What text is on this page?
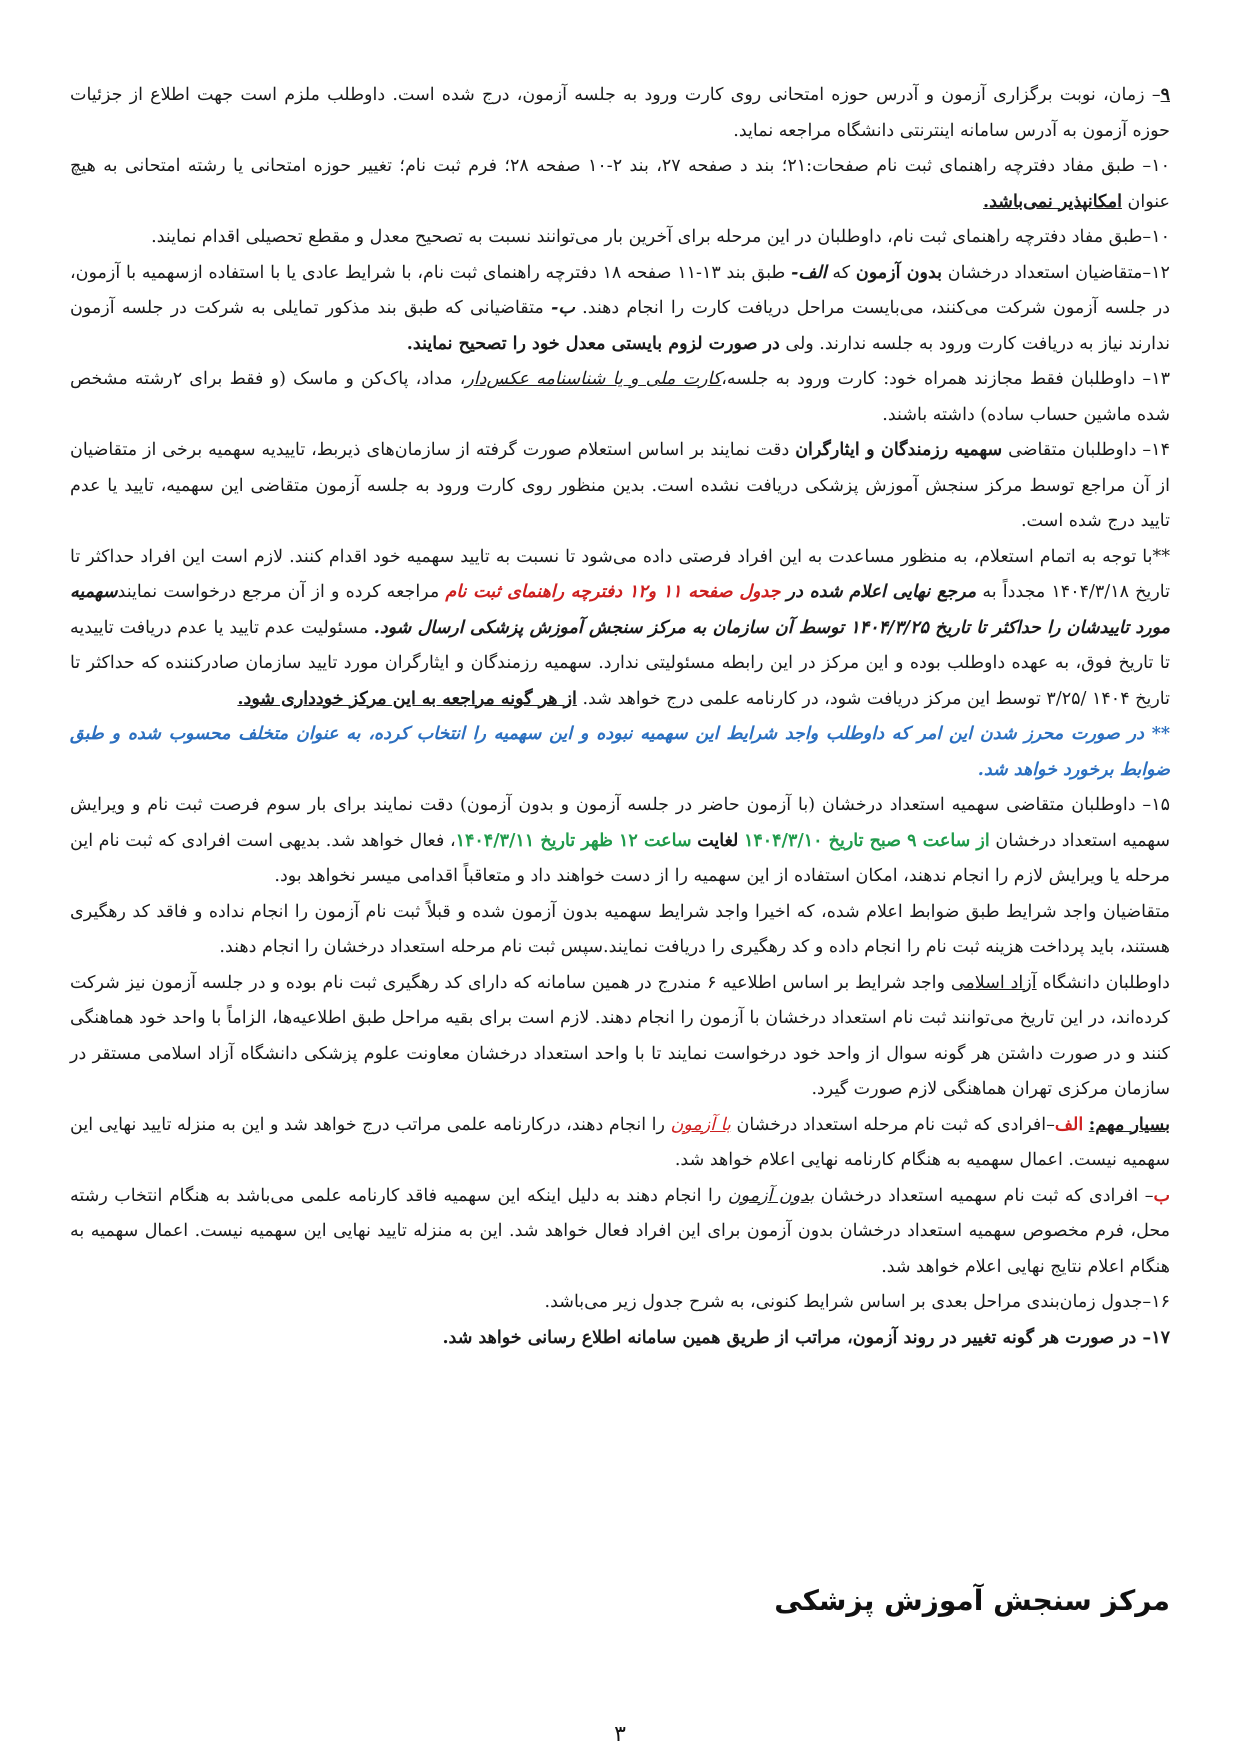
۹– زمان، نوبت برگزاری آزمون و آدرس حوزه امتحانی روی کارت ورود به جلسه آزمون، درج شده است. داوطلب ملزم است جهت اطلاع از جزئیات حوزه آزمون به آدرس سامانه اینترنتی دانشگاه مراجعه نماید.

۱۰– طبق مفاد دفترچه راهنمای ثبت نام صفحات:۲۱؛ بند د صفحه ۲۷، بند ۲-۱۰ صفحه ۲۸؛ فرم ثبت نام؛ تغییر حوزه امتحانی یا رشته امتحانی به هیچ عنوان امکانپذیر نمی‌باشد.

۱۰–طبق مفاد دفترچه راهنمای ثبت نام، داوطلبان در این مرحله برای آخرین بار می‌توانند نسبت به تصحیح معدل و مقطع تحصیلی اقدام نمایند.

۱۲–متقاضیان استعداد درخشان بدون آزمون که الف- طبق بند ۱۳-۱۱ صفحه ۱۸ دفترچه راهنمای ثبت نام، با شرایط عادی یا با استفاده ازسهمیه با آزمون، در جلسه آزمون شرکت می‌کنند، می‌بایست مراحل دریافت کارت را انجام دهند. ب- متقاضیانی که طبق بند مذکور تمایلی به شرکت در جلسه آزمون ندارند نیاز به دریافت کارت ورود به جلسه ندارند. ولی در صورت لزوم بایستی معدل خود را تصحیح نمایند.

۱۳– داوطلبان فقط مجازند همراه خود: کارت ورود به جلسه،کارت ملی و یا شناسنامه عکس‌دار، مداد، پاک‌کن و ماسک (و فقط برای ۲رشته مشخص شده ماشین حساب ساده) داشته باشند.

۱۴– داوطلبان متقاضی سهمیه رزمندگان و ایثارگران دقت نمایند بر اساس استعلام صورت گرفته از سازمان‌های ذیربط، تاییدیه سهمیه برخی از متقاضیان از آن مراجع توسط مرکز سنجش آموزش پزشکی دریافت نشده است. بدین منظور روی کارت ورود به جلسه آزمون متقاضی این سهمیه، تایید یا عدم تایید درج شده است.

**با توجه به اتمام استعلام، به منظور مساعدت به این افراد فرصتی داده می‌شود تا نسبت به تایید سهمیه خود اقدام کنند. لازم است این افراد حداکثر تا تاریخ ۱۴۰۴/۳/۱۸ مجدداً به مرجع نهایی اعلام شده در جدول صفحه ۱۱ و۱۲ دفترچه راهنمای ثبت نام مراجعه کرده و از آن مرجع درخواست نمایندسهمیه مورد تاییدشان را حداکثر تا تاریخ ۱۴۰۴/۳/۲۵ توسط آن سازمان به مرکز سنجش آموزش پزشکی ارسال شود. مسئولیت عدم تایید یا عدم دریافت تاییدیه تا تاریخ فوق، به عهده داوطلب بوده و این مرکز در این رابطه مسئولیتی ندارد. سهمیه رزمندگان و ایثارگران مورد تایید سازمان صادرکننده که حداکثر تا تاریخ ۱۴۰۴ /۳/۲۵ توسط این مرکز دریافت شود، در کارنامه علمی درج خواهد شد. از هر گونه مراجعه به این مرکز خودداری شود.

** در صورت محرز شدن این امر که داوطلب واجد شرایط این سهمیه نبوده و این سهمیه را انتخاب کرده، به عنوان متخلف محسوب شده و طبق ضوابط برخورد خواهد شد.

۱۵– داوطلبان متقاضی سهمیه استعداد درخشان (با آزمون حاضر در جلسه آزمون و بدون آزمون) دقت نمایند برای بار سوم فرصت ثبت نام و ویرایش سهمیه استعداد درخشان از ساعت ۹ صبح تاریخ ۱۴۰۴/۳/۱۰ لغایت ساعت ۱۲ ظهر تاریخ ۱۴۰۴/۳/۱۱، فعال خواهد شد. بدیهی است افرادی که ثبت نام این مرحله یا ویرایش لازم را انجام ندهند، امکان استفاده از این سهمیه را از دست خواهند داد و متعاقباً اقدامی میسر نخواهد بود.

متقاضیان واجد شرایط طبق ضوابط اعلام شده، که اخیرا واجد شرایط سهمیه بدون آزمون شده و قبلاً ثبت نام آزمون را انجام نداده و فاقد کد رهگیری هستند، باید پرداخت هزینه ثبت نام را انجام داده و کد رهگیری را دریافت نمایند.سپس ثبت نام مرحله استعداد درخشان را انجام دهند.

داوطلبان دانشگاه آزاد اسلامی واجد شرایط بر اساس اطلاعیه ۶ مندرج در همین سامانه که دارای کد رهگیری ثبت نام بوده و در جلسه آزمون نیز شرکت کرده‌اند، در این تاریخ می‌توانند ثبت نام استعداد درخشان با آزمون را انجام دهند. لازم است برای بقیه مراحل طبق اطلاعیه‌ها، الزاماً با واحد خود هماهنگی کنند و در صورت داشتن هر گونه سوال از واحد خود درخواست نمایند تا با واحد استعداد درخشان معاونت علوم پزشکی دانشگاه آزاد اسلامی مستقر در سازمان مرکزی تهران هماهنگی لازم صورت گیرد.

بسیار مهم: الف–افرادی که ثبت نام مرحله استعداد درخشان با آزمون را انجام دهند، درکارنامه علمی مراتب درج خواهد شد و این به منزله تایید نهایی این سهمیه نیست. اعمال سهمیه به هنگام کارنامه نهایی اعلام خواهد شد.

ب– افرادی که ثبت نام سهمیه استعداد درخشان بدون آزمون را انجام دهند به دلیل اینکه این سهمیه فاقد کارنامه علمی می‌باشد به هنگام انتخاب رشته محل، فرم مخصوص سهمیه استعداد درخشان بدون آزمون برای این افراد فعال خواهد شد. این به منزله تایید نهایی این سهمیه نیست. اعمال سهمیه به هنگام اعلام نتایج نهایی اعلام خواهد شد.

۱۶–جدول زمان‌بندی مراحل بعدی بر اساس شرایط کنونی، به شرح جدول زیر می‌باشد.

۱۷– در صورت هر گونه تغییر در روند آزمون، مراتب از طریق همین سامانه اطلاع رسانی خواهد شد.

مرکز سنجش آموزش پزشکی
۳
